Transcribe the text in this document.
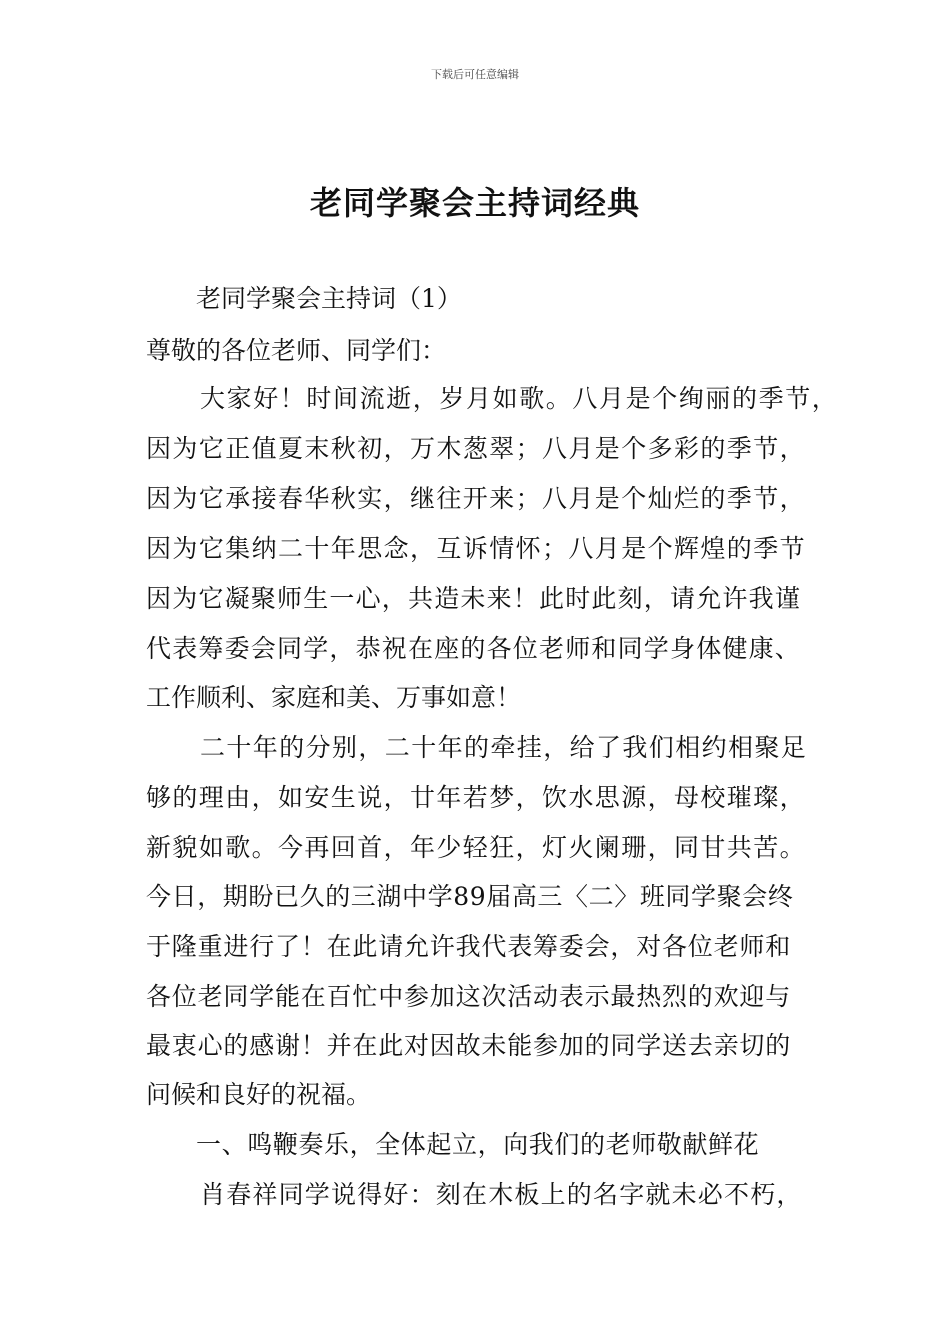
下载后可任意编辑
老同学聚会主持词经典
老同学聚会主持词（1）
尊敬的各位老师、同学们：
大家好！时间流逝，岁月如歌。八月是个绚丽的季节，
因为它正值夏末秋初，万木葱翠；八月是个多彩的季节，
因为它承接春华秋实，继往开来；八月是个灿烂的季节，
因为它集纳二十年思念，互诉情怀；八月是个辉煌的季节
因为它凝聚师生一心，共造未来！此时此刻，请允许我谨
代表筹委会同学，恭祝在座的各位老师和同学身体健康、
工作顺利、家庭和美、万事如意！
二十年的分别，二十年的牵挂，给了我们相约相聚足
够的理由，如安生说，廿年若梦，饮水思源，母校璀璨，
新貌如歌。今再回首，年少轻狂，灯火阑珊，同甘共苦。
今日，期盼已久的三湖中学89届高三〈二〉班同学聚会终
于隆重进行了！在此请允许我代表筹委会，对各位老师和
各位老同学能在百忙中参加这次活动表示最热烈的欢迎与
最衷心的感谢！并在此对因故未能参加的同学送去亲切的
问候和良好的祝福。
一、鸣鞭奏乐，全体起立，向我们的老师敬献鲜花
肖春祥同学说得好：刻在木板上的名字就未必不朽，
